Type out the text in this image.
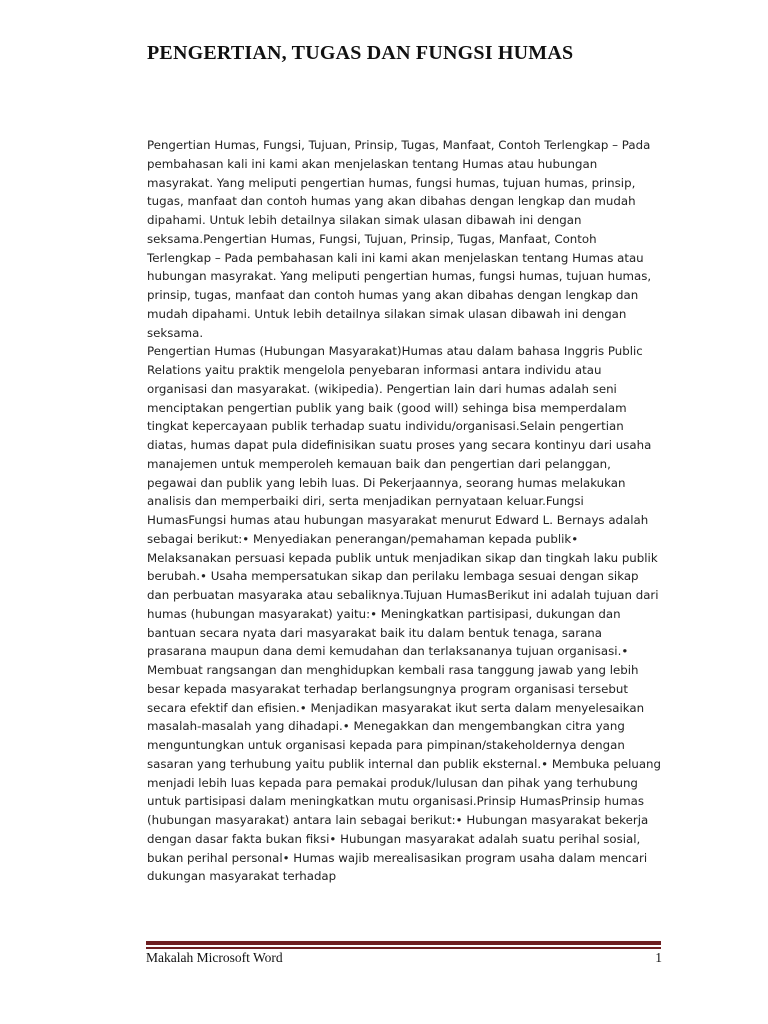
PENGERTIAN, TUGAS DAN FUNGSI HUMAS

Pengertian Humas, Fungsi, Tujuan, Prinsip, Tugas, Manfaat, Contoh Terlengkap – Pada pembahasan kali ini kami akan menjelaskan tentang Humas atau hubungan masyrakat. Yang meliputi pengertian humas, fungsi humas, tujuan humas, prinsip, tugas, manfaat dan contoh humas yang akan dibahas dengan lengkap dan mudah dipahami. Untuk lebih detailnya silakan simak ulasan dibawah ini dengan seksama.Pengertian Humas, Fungsi, Tujuan, Prinsip, Tugas, Manfaat, Contoh Terlengkap – Pada pembahasan kali ini kami akan menjelaskan tentang Humas atau hubungan masyrakat. Yang meliputi pengertian humas, fungsi humas, tujuan humas, prinsip, tugas, manfaat dan contoh humas yang akan dibahas dengan lengkap dan mudah dipahami. Untuk lebih detailnya silakan simak ulasan dibawah ini dengan seksama.

Pengertian Humas (Hubungan Masyarakat)Humas atau dalam bahasa Inggris Public Relations yaitu praktik mengelola penyebaran informasi antara individu atau organisasi dan masyarakat. (wikipedia). Pengertian lain dari humas adalah seni menciptakan pengertian publik yang baik (good will) sehinga bisa memperdalam tingkat kepercayaan publik terhadap suatu individu/organisasi.Selain pengertian diatas, humas dapat pula didefinisikan suatu proses yang secara kontinyu dari usaha manajemen untuk memperoleh kemauan baik dan pengertian dari pelanggan, pegawai dan publik yang lebih luas. Di Pekerjaannya, seorang humas melakukan analisis dan memperbaiki diri, serta menjadikan pernyataan keluar.Fungsi HumasFungsi humas atau hubungan masyarakat menurut Edward L. Bernays adalah sebagai berikut:• Menyediakan penerangan/pemahaman kepada publik• Melaksanakan persuasi kepada publik untuk menjadikan sikap dan tingkah laku publik berubah.• Usaha mempersatukan sikap dan perilaku lembaga sesuai dengan sikap dan perbuatan masyaraka atau sebaliknya.Tujuan HumasBerikut ini adalah tujuan dari humas (hubungan masyarakat) yaitu:• Meningkatkan partisipasi, dukungan dan bantuan secara nyata dari masyarakat baik itu dalam bentuk tenaga, sarana prasarana maupun dana demi kemudahan dan terlaksananya tujuan organisasi.• Membuat rangsangan dan menghidupkan kembali rasa tanggung jawab yang lebih besar kepada masyarakat terhadap berlangsungnya program organisasi tersebut secara efektif dan efisien.• Menjadikan masyarakat ikut serta dalam menyelesaikan masalah-masalah yang dihadapi.• Menegakkan dan mengembangkan citra yang menguntungkan untuk organisasi kepada para pimpinan/stakeholdernya dengan sasaran yang terhubung yaitu publik internal dan publik eksternal.• Membuka peluang menjadi lebih luas kepada para pemakai produk/lulusan dan pihak yang terhubung untuk partisipasi dalam meningkatkan mutu organisasi.Prinsip HumasPrinsip humas (hubungan masyarakat) antara lain sebagai berikut:• Hubungan masyarakat bekerja dengan dasar fakta bukan fiksi• Hubungan masyarakat adalah suatu perihal sosial, bukan perihal personal• Humas wajib merealisasikan program usaha dalam mencari dukungan masyarakat terhadap

Makalah Microsoft Word	1
